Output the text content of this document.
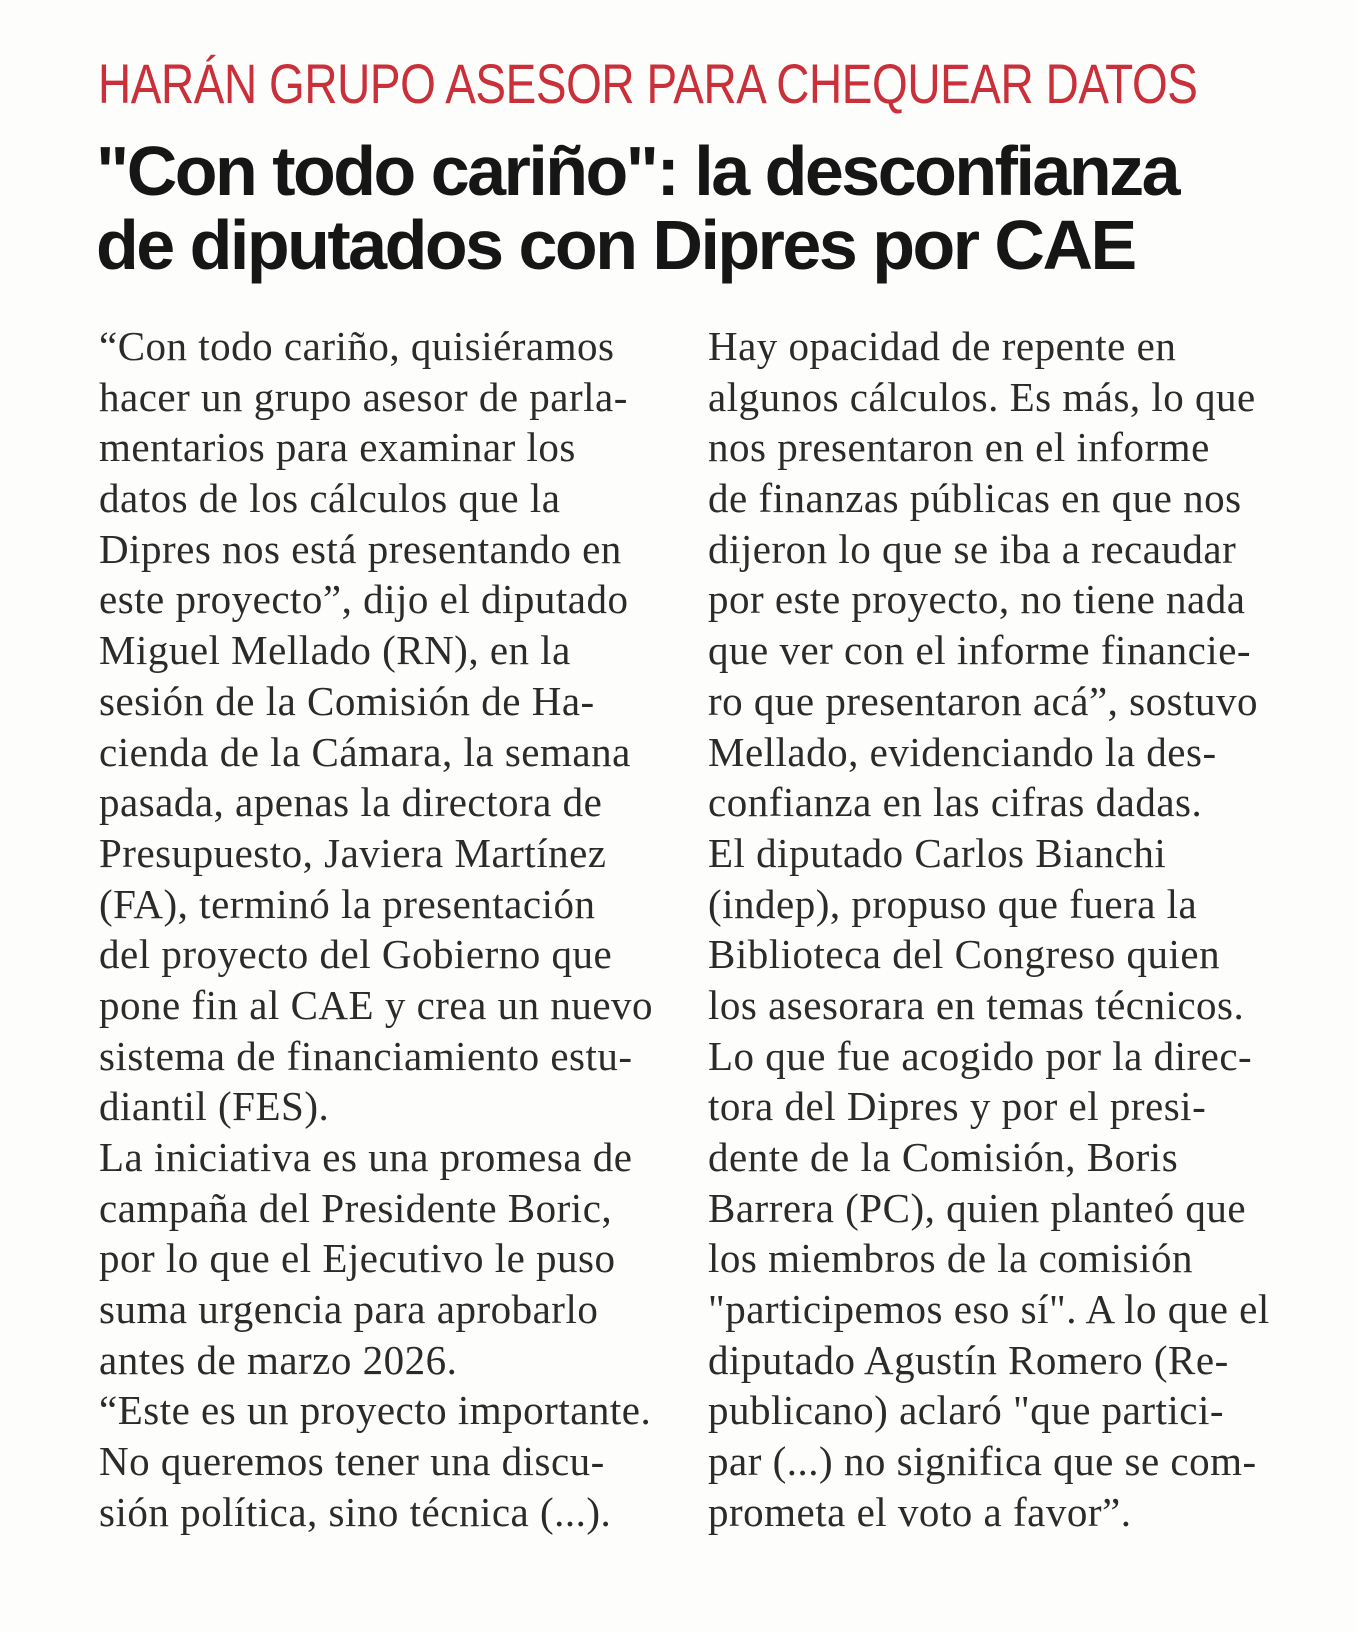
HARÁN GRUPO ASESOR PARA CHEQUEAR DATOS
"Con todo cariño": la desconfianza
de diputados con Dipres por CAE
“Con todo cariño, quisiéramos
hacer un grupo asesor de parla-
mentarios para examinar los
datos de los cálculos que la
Dipres nos está presentando en
este proyecto”, dijo el diputado
Miguel Mellado (RN), en la
sesión de la Comisión de Ha-
cienda de la Cámara, la semana
pasada, apenas la directora de
Presupuesto, Javiera Martínez
(FA), terminó la presentación
del proyecto del Gobierno que
pone fin al CAE y crea un nuevo
sistema de financiamiento estu-
diantil (FES).
La iniciativa es una promesa de
campaña del Presidente Boric,
por lo que el Ejecutivo le puso
suma urgencia para aprobarlo
antes de marzo 2026.
“Este es un proyecto importante.
No queremos tener una discu-
sión política, sino técnica (...).
Hay opacidad de repente en
algunos cálculos. Es más, lo que
nos presentaron en el informe
de finanzas públicas en que nos
dijeron lo que se iba a recaudar
por este proyecto, no tiene nada
que ver con el informe financie-
ro que presentaron acá”, sostuvo
Mellado, evidenciando la des-
confianza en las cifras dadas.
El diputado Carlos Bianchi
(indep), propuso que fuera la
Biblioteca del Congreso quien
los asesorara en temas técnicos.
Lo que fue acogido por la direc-
tora del Dipres y por el presi-
dente de la Comisión, Boris
Barrera (PC), quien planteó que
los miembros de la comisión
"participemos eso sí". A lo que el
diputado Agustín Romero (Re-
publicano) aclaró "que partici-
par (...) no significa que se com-
prometa el voto a favor”.
